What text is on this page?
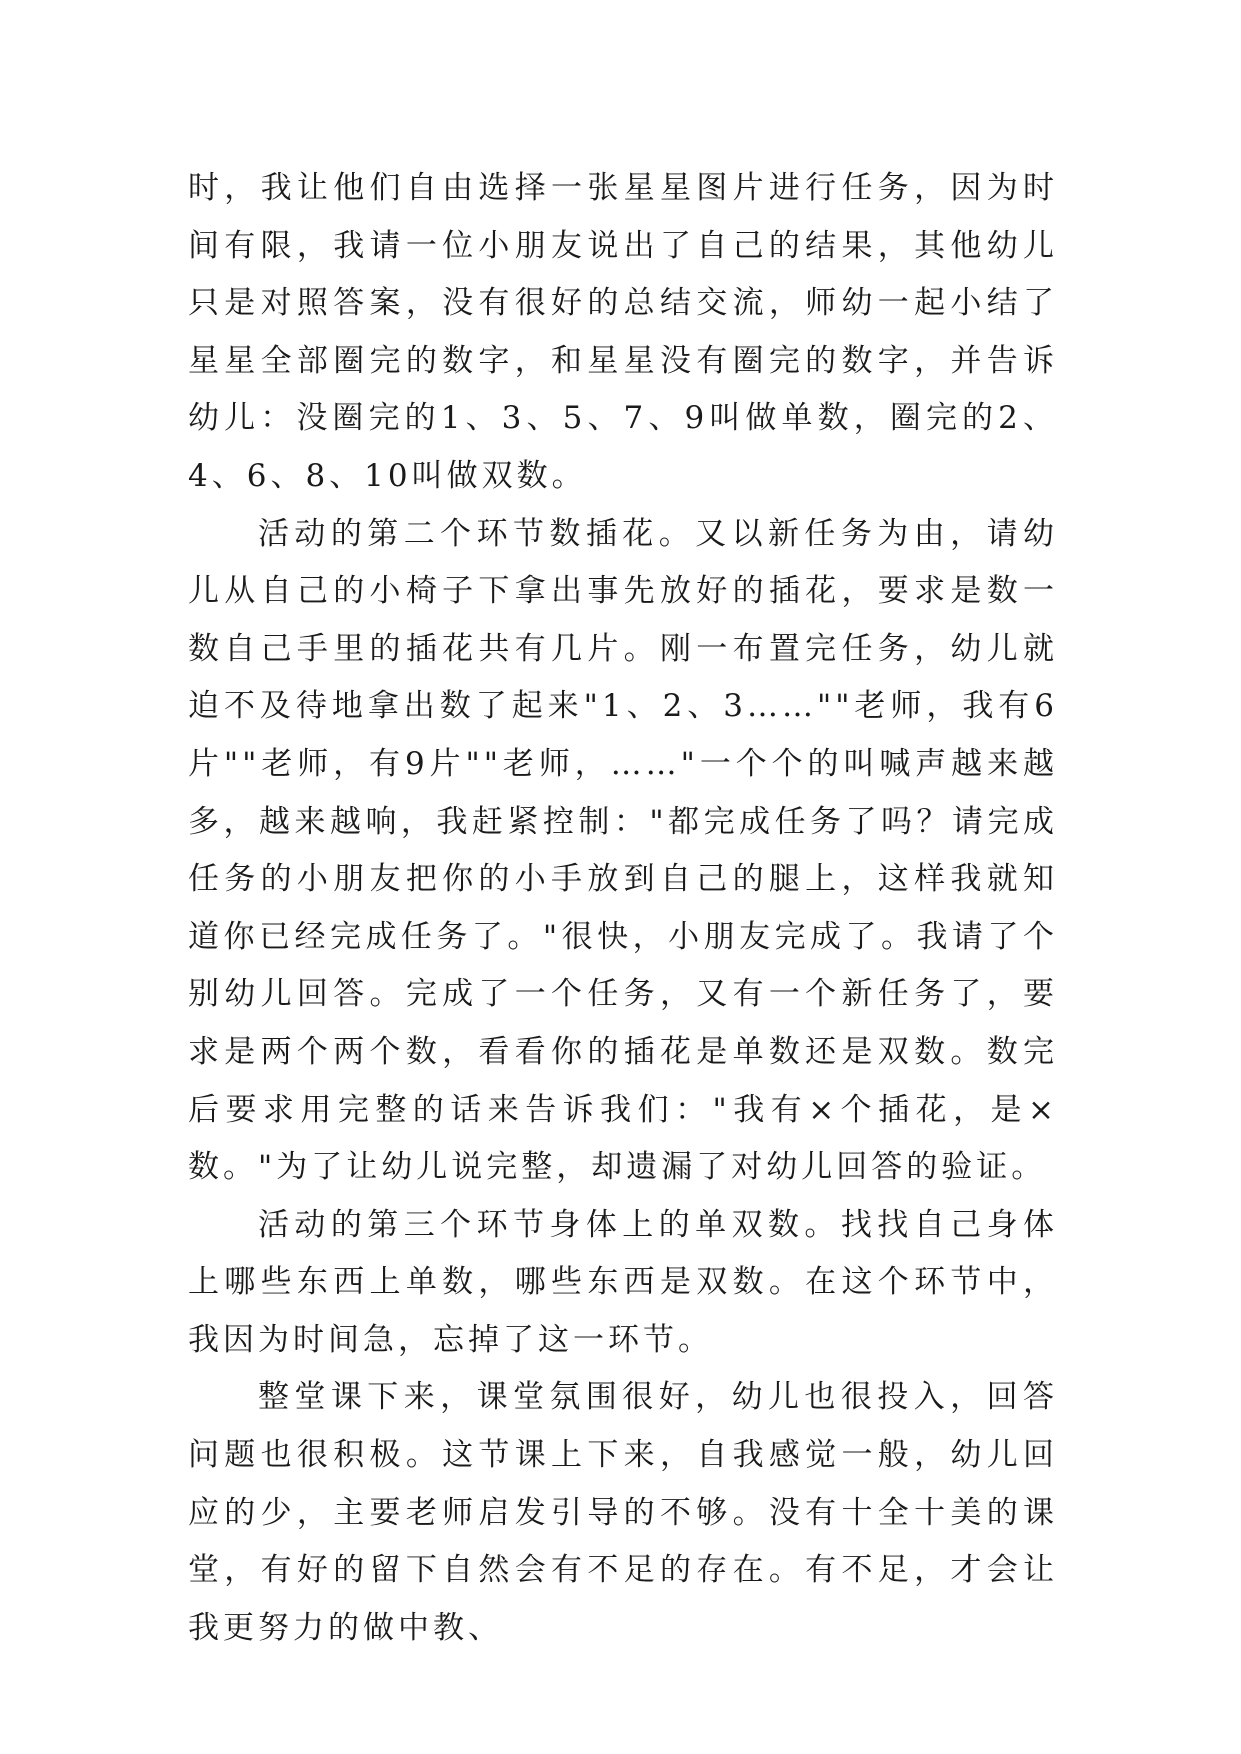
时，我让他们自由选择一张星星图片进行任务，因为时间有限，我请一位小朋友说出了自己的结果，其他幼儿只是对照答案，没有很好的总结交流，师幼一起小结了星星全部圈完的数字，和星星没有圈完的数字，并告诉幼儿：没圈完的1、3、5、7、9叫做单数，圈完的2、4、6、8、10叫做双数。

活动的第二个环节数插花。又以新任务为由，请幼儿从自己的小椅子下拿出事先放好的插花，要求是数一数自己手里的插花共有几片。刚一布置完任务，幼儿就迫不及待地拿出数了起来"1、2、3……""老师，我有6片""老师，有9片""老师，……"一个个的叫喊声越来越多，越来越响，我赶紧控制："都完成任务了吗？请完成任务的小朋友把你的小手放到自己的腿上，这样我就知道你已经完成任务了。"很快，小朋友完成了。我请了个别幼儿回答。完成了一个任务，又有一个新任务了，要求是两个两个数，看看你的插花是单数还是双数。数完后要求用完整的话来告诉我们："我有×个插花，是×数。"为了让幼儿说完整，却遗漏了对幼儿回答的验证。

活动的第三个环节身体上的单双数。找找自己身体上哪些东西上单数，哪些东西是双数。在这个环节中，我因为时间急，忘掉了这一环节。

整堂课下来，课堂氛围很好，幼儿也很投入，回答问题也很积极。这节课上下来，自我感觉一般，幼儿回应的少，主要老师启发引导的不够。没有十全十美的课堂，有好的留下自然会有不足的存在。有不足，才会让我更努力的做中教、
